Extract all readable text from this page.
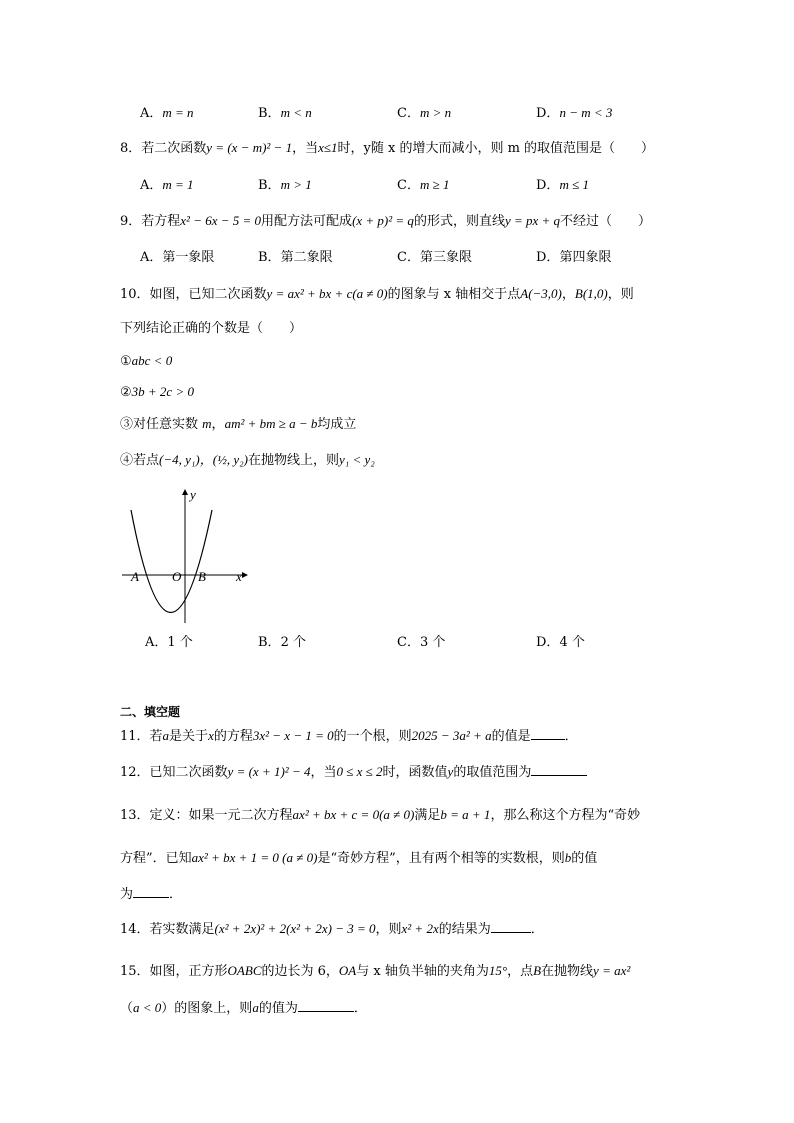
A．m = n	B．m < n	C．m > n	D．n − m < 3
8．若二次函数y = (x − m)² − 1，当x≤1时，y随 x 的增大而减小，则 m 的取值范围是（　　）
A．m = 1	B．m > 1	C．m ≥ 1	D．m ≤ 1
9．若方程x² − 6x − 5 = 0用配方法可配成(x + p)² = q的形式，则直线y = px + q不经过（　　）
A．第一象限	B．第二象限	C．第三象限	D．第四象限
10．如图，已知二次函数y = ax² + bx + c(a ≠ 0)的图象与 x 轴相交于点A(−3,0)，B(1,0)，则
下列结论正确的个数是（　　）
①abc < 0
②3b + 2c > 0
③对任意实数 m，am² + bm ≥ a − b均成立
④若点(−4, y₁)，(½, y₂)在抛物线上，则y₁ < y₂
y
x
A	O B
A．1 个	B．2 个	C．3 个	D．4 个
二、填空题
11．若a是关于x的方程3x² − x − 1 = 0的一个根，则2025 − 3a² + a的值是	．
12．已知二次函数y = (x + 1)² − 4，当0 ≤ x ≤ 2时，函数值y的取值范围为
13．定义：如果一元二次方程ax² + bx + c = 0(a ≠ 0)满足b = a + 1，那么称这个方程为“奇妙
方程”．已知ax² + bx + 1 = 0 (a ≠ 0)是“奇妙方程”，且有两个相等的实数根，则b的值
为	．
14．若实数满足(x² + 2x)² + 2(x² + 2x) − 3 = 0，则x² + 2x的结果为	．
15．如图，正方形OABC的边长为 6，OA与 x 轴负半轴的夹角为15°，点B在抛物线y = ax²
（a < 0）的图象上，则a的值为	．
